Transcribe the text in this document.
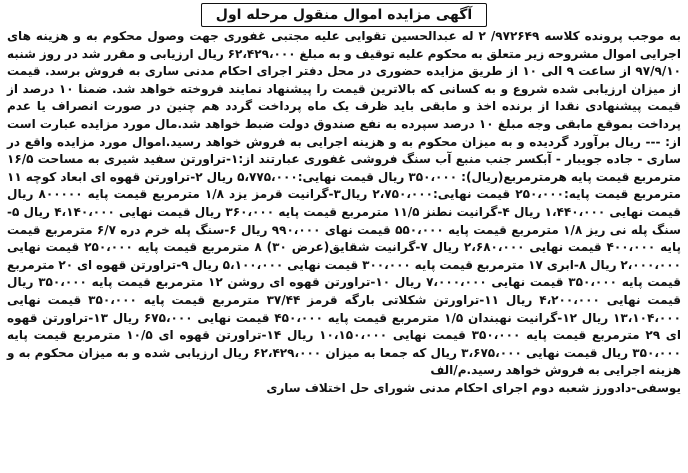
آگهی مزایده اموال منقول مرحله اول

به موجب پرونده کلاسه ۹۷۲۶۴۹/ ۲ له عبدالحسین تقوایی علیه مجتبی غفوری جهت وصول محکوم به و هزینه های اجرایی اموال مشروحه زیر متعلق به محکوم علیه توقیف و به مبلغ ۶۲،۴۲۹،۰۰۰ ریال ارزیابی و مقرر شد در روز شنبه ۹۷/۹/۱۰ از ساعت ۹ الی ۱۰ از طریق مزایده حضوری در محل دفتر اجرای احکام مدنی ساری به فروش برسد. قیمت از میزان ارزیابی شده شروع و به کسانی که بالاترین قیمت را پیشنهاد نمایند فروخته خواهد شد. ضمنا ۱۰ درصد از قیمت پیشنهادی نقدا از برنده اخذ و مابقی باید ظرف یک ماه پرداخت گردد هم چنین در صورت انصراف یا عدم پرداخت بموقع مابقی وجه مبلغ ۱۰ درصد سپرده به نفع صندوق دولت ضبط خواهد شد.مال مورد مزایده عبارت است از: --- ریال برآورد گردیده و به میزان محکوم به و هزینه اجرایی به فروش خواهد رسید.اموال مورد مزایده واقع در ساری - جاده جویبار - آبکسر جنب منبع آب سنگ فروشی غفوری عبارتند از:۱-تراورتن سفید شیری به مساحت ۱۶/۵ مترمربع قیمت پایه هرمترمربع(ریال): ۳۵۰،۰۰۰ ریال قیمت نهایی:۵،۷۷۵،۰۰۰ ریال ۲-تراورتن قهوه ای ابعاد کوچه ۱۱ مترمربع قیمت پایه:۲۵۰،۰۰۰ قیمت نهایی:۲،۷۵۰،۰۰۰ ریال۳-گرانیت قرمز یزد ۱/۸ مترمربع قیمت پایه ۸۰۰۰۰۰ ریال قیمت نهایی ۱،۴۴۰،۰۰۰ ریال ۴-گرانیت نطنز ۱۱/۵ مترمربع قیمت پایه ۳۶۰،۰۰۰ ریال قیمت نهایی ۴،۱۴۰،۰۰۰ ریال ۵-سنگ پله نی ریز ۱/۸ مترمربع قیمت پایه ۵۵۰،۰۰۰ قیمت نهای ۹۹۰،۰۰۰ ریال ۶-سنگ پله خرم دره ۶/۷ مترمربع قیمت پایه ۴۰۰،۰۰۰ قیمت نهایی ۲،۶۸۰،۰۰۰ ریال ۷-گرانیت شقایق(عرض ۳۰) ۸ مترمربع قیمت پایه ۲۵۰،۰۰۰ قیمت نهایی ۲،۰۰۰،۰۰۰ ریال ۸-ابری ۱۷ مترمربع قیمت پایه ۳۰۰،۰۰۰ قیمت نهایی ۵،۱۰۰،۰۰۰ ریال ۹-تراورتن قهوه ای ۲۰ مترمربع قیمت پایه ۳۵۰،۰۰۰ قیمت نهایی ۷،۰۰۰،۰۰۰ ریال ۱۰-تراورتن قهوه ای روشن ۱۲ مترمربع قیمت پایه ۳۵۰،۰۰۰ ریال قیمت نهایی ۴،۲۰۰،۰۰۰ ریال ۱۱-تراورتن شکلاتی بارگه قرمز ۳۷/۴۴ مترمربع قیمت پایه ۳۵۰،۰۰۰ قیمت نهایی ۱۳،۱۰۴،۰۰۰ ریال ۱۲-گرانیت نهبندان ۱/۵ مترمربع قیمت پایه ۴۵۰،۰۰۰ قیمت نهایی ۶۷۵،۰۰۰ ریال ۱۳-تراورتن قهوه ای ۲۹ مترمربع قیمت پایه ۳۵۰،۰۰۰ قیمت نهایی ۱۰،۱۵۰،۰۰۰ ریال ۱۴-تراورتن قهوه ای ۱۰/۵ مترمربع قیمت پایه ۳۵۰،۰۰۰ ریال قیمت نهایی ۳،۶۷۵،۰۰۰ ریال که جمعا به میزان ۶۲،۴۲۹،۰۰۰ ریال ارزیابی شده و به میزان محکوم به و هزینه اجرایی به فروش خواهد رسید.م/الف

یوسفی-دادورز شعبه دوم اجرای احکام مدنی شورای حل اختلاف ساری
